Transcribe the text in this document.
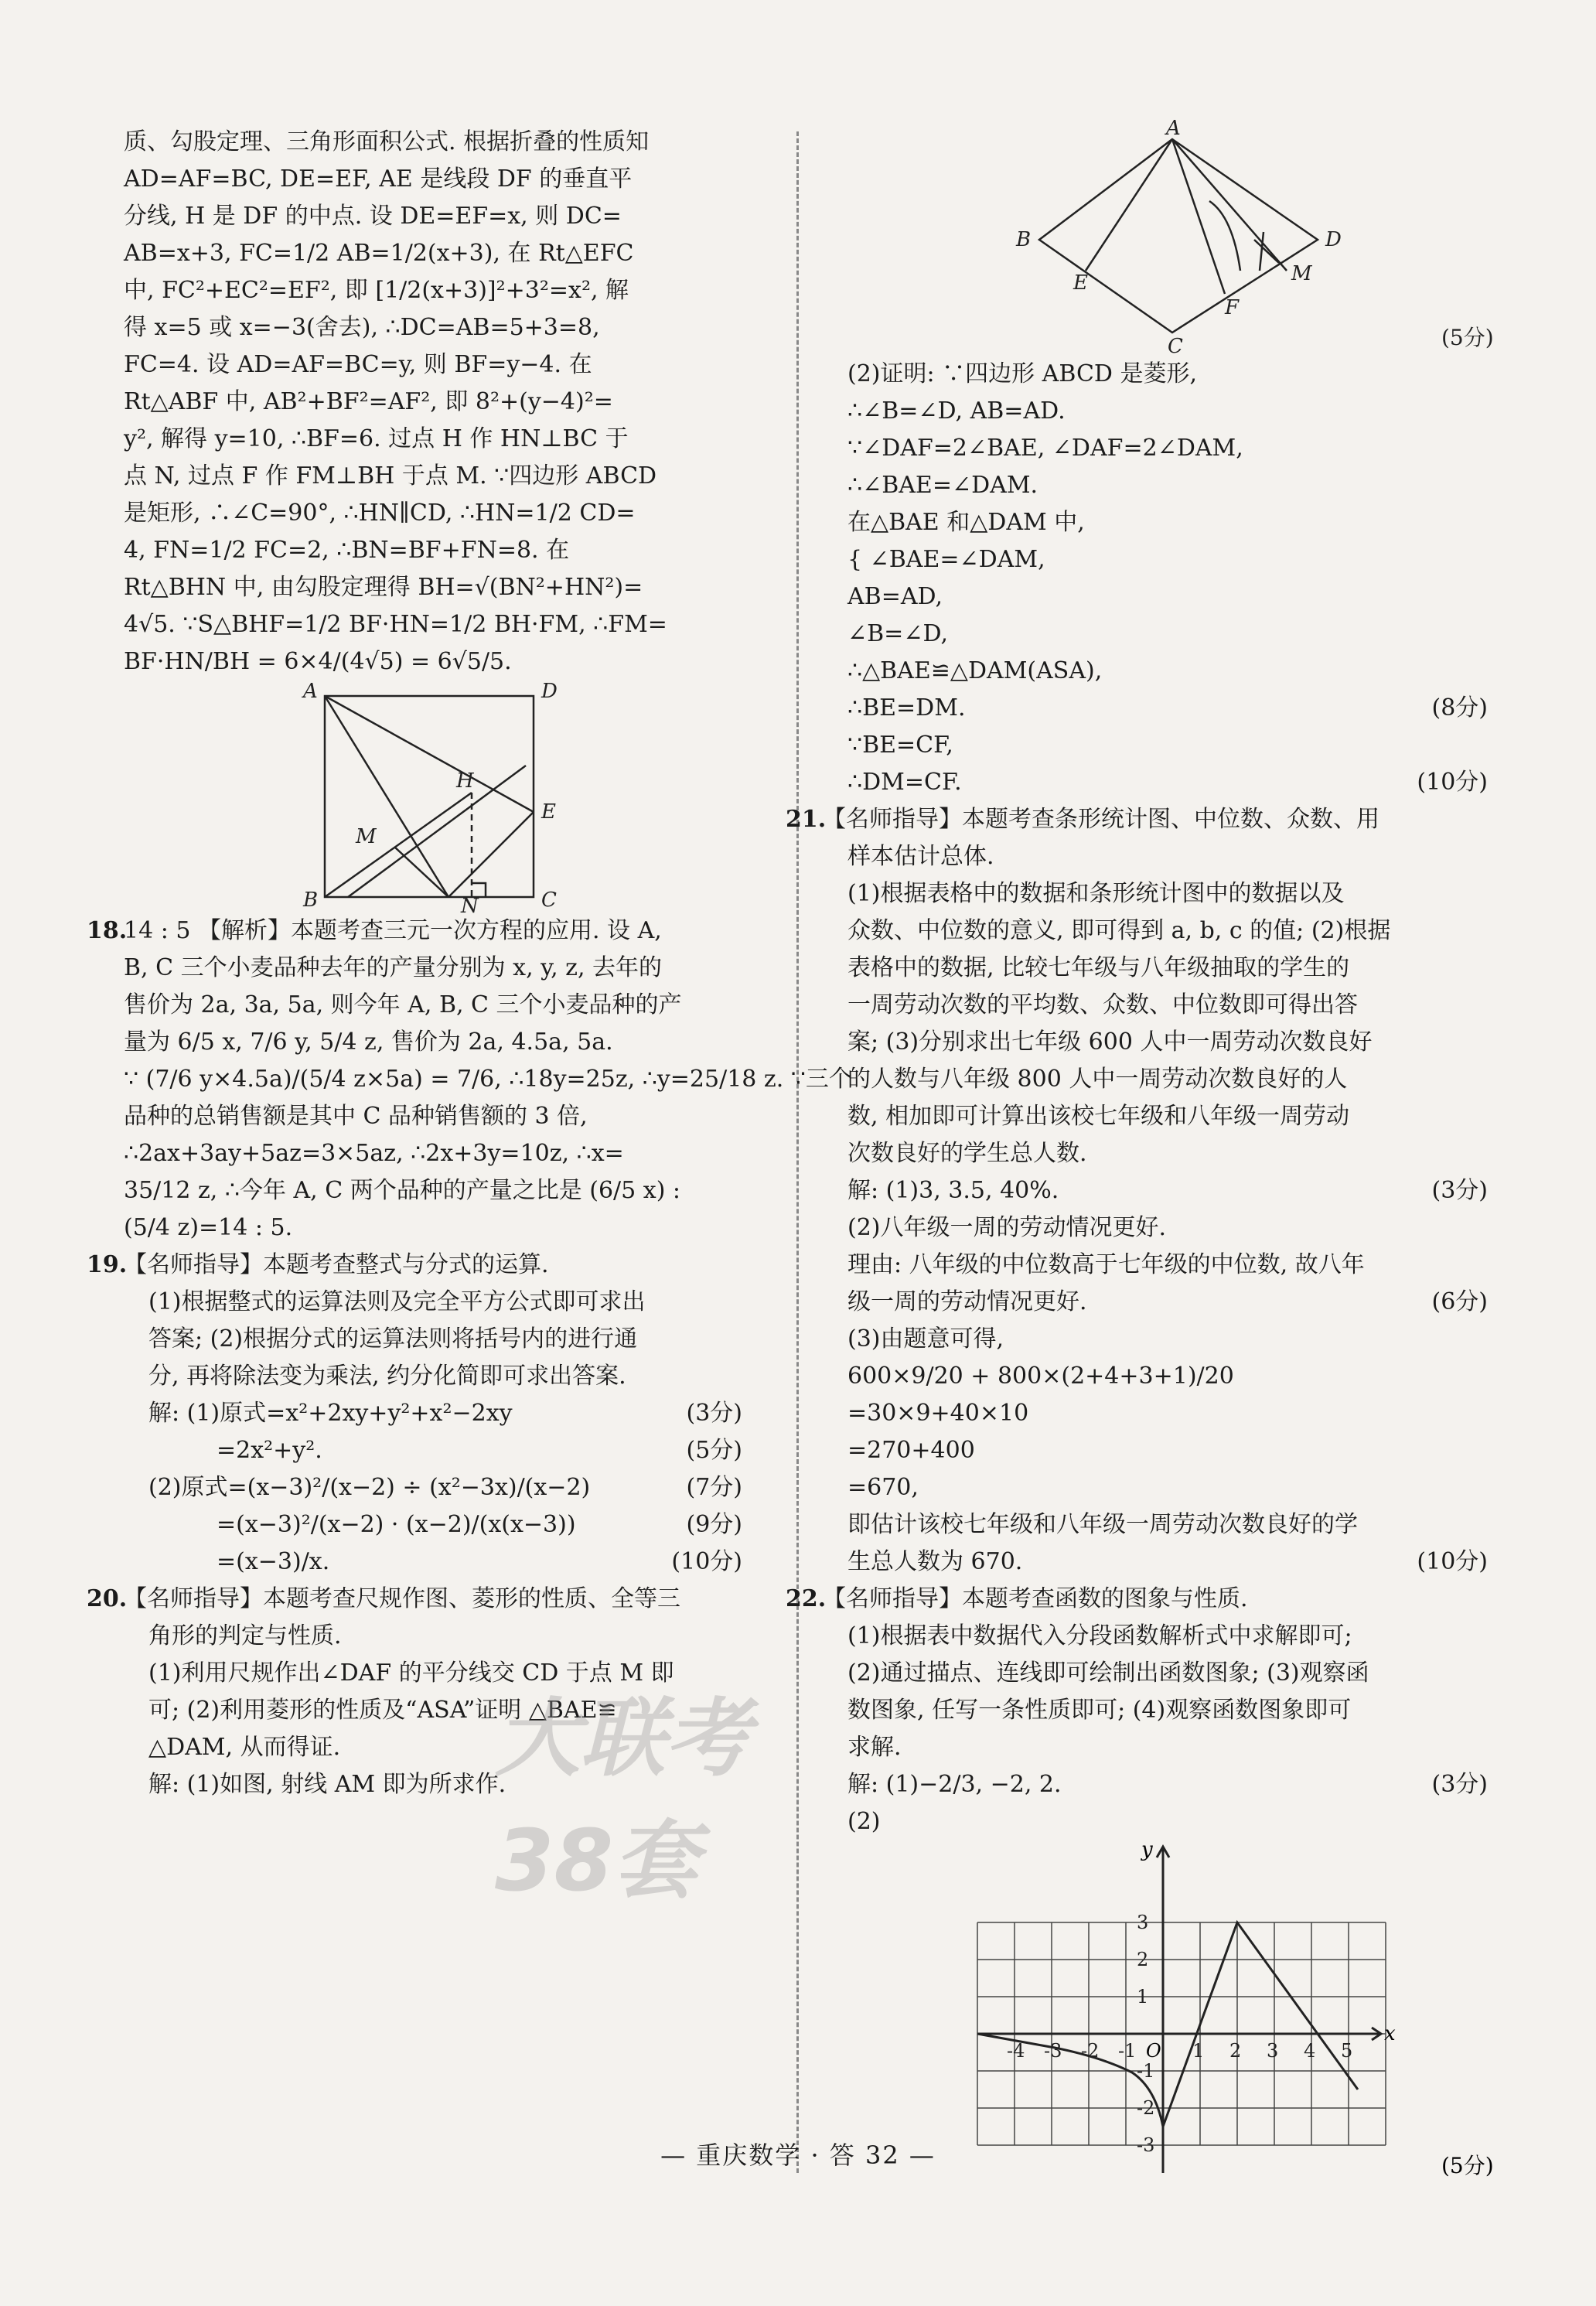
质、勾股定理、三角形面积公式. 根据折叠的性质知
AD=AF=BC, DE=EF, AE 是线段 DF 的垂直平
分线, H 是 DF 的中点. 设 DE=EF=x, 则 DC=
AB=x+3, FC=1/2 AB=1/2(x+3), 在 Rt△EFC
中, FC²+EC²=EF², 即 [1/2(x+3)]²+3²=x², 解
得 x=5 或 x=−3(舍去), ∴DC=AB=5+3=8,
FC=4. 设 AD=AF=BC=y, 则 BF=y−4. 在
Rt△ABF 中, AB²+BF²=AF², 即 8²+(y−4)²=
y², 解得 y=10, ∴BF=6. 过点 H 作 HN⊥BC 于
点 N, 过点 F 作 FM⊥BH 于点 M. ∵四边形 ABCD
是矩形, ∴∠C=90°, ∴HN∥CD, ∴HN=1/2 CD=
4, FN=1/2 FC=2, ∴BN=BF+FN=8. 在
Rt△BHN 中, 由勾股定理得 BH=√(BN²+HN²)=
4√5. ∵S△BHF=1/2 BF·HN=1/2 BH·FM, ∴FM=
BF·HN/BH = 6×4/(4√5) = 6√5/5.
A	D
B	C
E
H
M
N
18.14 : 5 【解析】本题考查三元一次方程的应用. 设 A,
B, C 三个小麦品种去年的产量分别为 x, y, z, 去年的
售价为 2a, 3a, 5a, 则今年 A, B, C 三个小麦品种的产
量为 6/5 x, 7/6 y, 5/4 z, 售价为 2a, 4.5a, 5a.
∵ (7/6 y×4.5a)/(5/4 z×5a) = 7/6, ∴18y=25z, ∴y=25/18 z. ∵三个
品种的总销售额是其中 C 品种销售额的 3 倍,
∴2ax+3ay+5az=3×5az, ∴2x+3y=10z, ∴x=
35/12 z, ∴今年 A, C 两个品种的产量之比是 (6/5 x) :
(5/4 z)=14 : 5.
19.【名师指导】本题考查整式与分式的运算.
(1)根据整式的运算法则及完全平方公式即可求出
答案; (2)根据分式的运算法则将括号内的进行通
分, 再将除法变为乘法, 约分化简即可求出答案.
解: (1)原式=x²+2xy+y²+x²−2xy	(3分)
=2x²+y².	(5分)
(2)原式=(x−3)²/(x−2) ÷ (x²−3x)/(x−2)	(7分)
=(x−3)²/(x−2) · (x−2)/(x(x−3))	(9分)
=(x−3)/x.	(10分)
20.【名师指导】本题考查尺规作图、菱形的性质、全等三
角形的判定与性质.
(1)利用尺规作出∠DAF 的平分线交 CD 于点 M 即
可; (2)利用菱形的性质及“ASA”证明 △BAE≌
△DAM, 从而得证.
解: (1)如图, 射线 AM 即为所求作.
A
B
C
D
E
F
M
(5分)
(2)证明: ∵四边形 ABCD 是菱形,
∴∠B=∠D, AB=AD.
∵∠DAF=2∠BAE, ∠DAF=2∠DAM,
∴∠BAE=∠DAM.
在△BAE 和△DAM 中,
{ ∠BAE=∠DAM,
AB=AD,
∠B=∠D,
∴△BAE≌△DAM(ASA),
∴BE=DM.	(8分)
∵BE=CF,
∴DM=CF.	(10分)
21.【名师指导】本题考查条形统计图、中位数、众数、用
样本估计总体.
(1)根据表格中的数据和条形统计图中的数据以及
众数、中位数的意义, 即可得到 a, b, c 的值; (2)根据
表格中的数据, 比较七年级与八年级抽取的学生的
一周劳动次数的平均数、众数、中位数即可得出答
案; (3)分别求出七年级 600 人中一周劳动次数良好
的人数与八年级 800 人中一周劳动次数良好的人
数, 相加即可计算出该校七年级和八年级一周劳动
次数良好的学生总人数.
解: (1)3, 3.5, 40%.	(3分)
(2)八年级一周的劳动情况更好.
理由: 八年级的中位数高于七年级的中位数, 故八年
级一周的劳动情况更好.	(6分)
(3)由题意可得,
600×9/20 + 800×(2+4+3+1)/20
=30×9+40×10
=270+400
=670,
即估计该校七年级和八年级一周劳动次数良好的学
生总人数为 670.	(10分)
22.【名师指导】本题考查函数的图象与性质.
(1)根据表中数据代入分段函数解析式中求解即可;
(2)通过描点、连线即可绘制出函数图象; (3)观察函
数图象, 任写一条性质即可; (4)观察函数图象即可
求解.
解: (1)−2/3, −2, 2.	(3分)
(2)
-4 -3 -2 -1	1 2 3 4 5
3
2
1
-1
-2
-3
x
y
O
(5分)
大联考38套
— 重庆数学 · 答 32 —
